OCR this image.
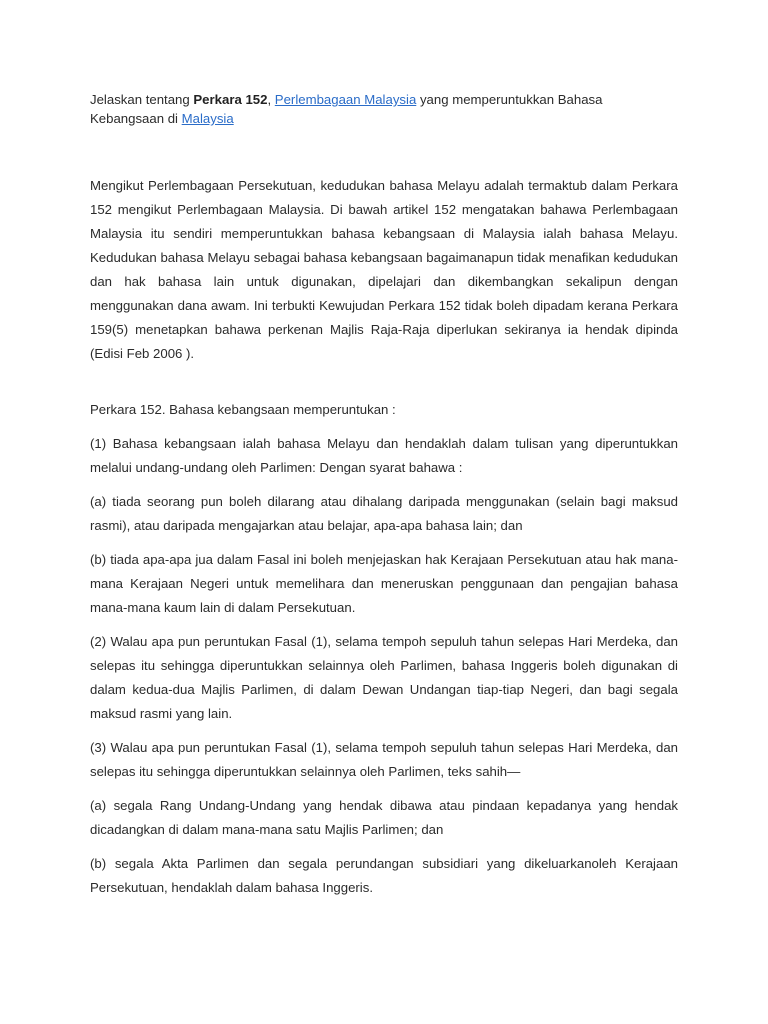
Jelaskan tentang Perkara 152, Perlembagaan Malaysia yang memperuntukkan Bahasa Kebangsaan di Malaysia

Mengikut Perlembagaan Persekutuan, kedudukan bahasa Melayu adalah termaktub dalam Perkara 152 mengikut Perlembagaan Malaysia. Di bawah artikel 152 mengatakan bahawa Perlembagaan Malaysia itu sendiri memperuntukkan bahasa kebangsaan di Malaysia ialah bahasa Melayu. Kedudukan bahasa Melayu sebagai bahasa kebangsaan bagaimanapun tidak menafikan kedudukan dan hak bahasa lain untuk digunakan, dipelajari dan dikembangkan sekalipun dengan menggunakan dana awam. Ini terbukti Kewujudan Perkara 152 tidak boleh dipadam kerana Perkara 159(5) menetapkan bahawa perkenan Majlis Raja-Raja diperlukan sekiranya ia hendak dipinda (Edisi Feb 2006 ).

Perkara 152. Bahasa kebangsaan memperuntukan :

(1) Bahasa kebangsaan ialah bahasa Melayu dan hendaklah dalam tulisan yang diperuntukkan melalui undang-undang oleh Parlimen: Dengan syarat bahawa :

(a) tiada seorang pun boleh dilarang atau dihalang daripada menggunakan (selain bagi maksud rasmi), atau daripada mengajarkan atau belajar, apa-apa bahasa lain; dan

(b) tiada apa-apa jua dalam Fasal ini boleh menjejaskan hak Kerajaan Persekutuan atau hak mana-mana Kerajaan Negeri untuk memelihara dan meneruskan penggunaan dan pengajian bahasa mana-mana kaum lain di dalam Persekutuan.

(2) Walau apa pun peruntukan Fasal (1), selama tempoh sepuluh tahun selepas Hari Merdeka, dan selepas itu sehingga diperuntukkan selainnya oleh Parlimen, bahasa Inggeris boleh digunakan di dalam kedua-dua Majlis Parlimen, di dalam Dewan Undangan tiap-tiap Negeri, dan bagi segala maksud rasmi yang lain.

(3) Walau apa pun peruntukan Fasal (1), selama tempoh sepuluh tahun selepas Hari Merdeka, dan selepas itu sehingga diperuntukkan selainnya oleh Parlimen, teks sahih—

(a) segala Rang Undang-Undang yang hendak dibawa atau pindaan kepadanya yang hendak dicadangkan di dalam mana-mana satu Majlis Parlimen; dan

(b) segala Akta Parlimen dan segala perundangan subsidiari yang dikeluarkanoleh Kerajaan Persekutuan, hendaklah dalam bahasa Inggeris.
